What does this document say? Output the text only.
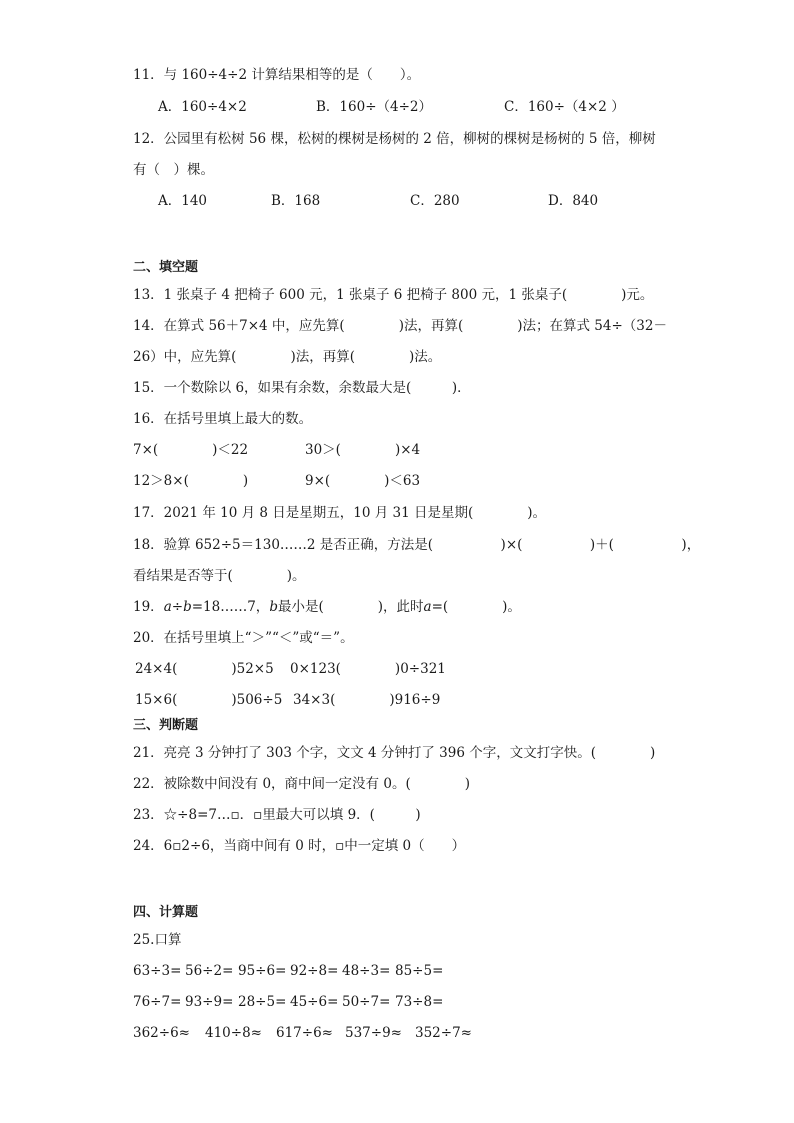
11．与 160÷4÷2 计算结果相等的是（　　）。
A．160÷4×2	B．160÷（4÷2）	C．160÷（4×2 ）
12．公园里有松树 56 棵，松树的棵树是杨树的 2 倍，柳树的棵树是杨树的 5 倍，柳树
有（　）棵。
A．140	B．168	C．280	D．840
二、填空题
13．1 张桌子 4 把椅子 600 元，1 张桌子 6 把椅子 800 元，1 张桌子(　　　　)元。
14．在算式 56＋7×4 中，应先算(　　　　)法，再算(　　　　)法；在算式 54÷（32－
26）中，应先算(　　　　)法，再算(　　　　)法。
15．一个数除以 6，如果有余数，余数最大是(　　　)．
16．在括号里填上最大的数。
7×(　　　　)＜22	30＞(　　　　)×4
12＞8×(　　　　)	9×(　　　　)＜63
17．2021 年 10 月 8 日是星期五，10 月 31 日是星期(　　　　)。
18．验算 652÷5＝130……2 是否正确，方法是(　　　　　)×(　　　　　)＋(　　　　　)，
看结果是否等于(　　　　)。
19．a÷b=18……7，b最小是(　　　　)，此时a=(　　　　)。
20．在括号里填上“＞”“＜”或“＝”。
24×4(　　　　)52×5 0×123(　　　　)0÷321
15×6(　　　　)506÷5 34×3(　　　　)916÷9
三、判断题
21．亮亮 3 分钟打了 303 个字，文文 4 分钟打了 396 个字，文文打字快。(　　　　)
22．被除数中间没有 0，商中间一定没有 0。(　　　　)
23．☆÷8=7…▫．▫里最大可以填 9．(　　　)
24．6▫2÷6，当商中间有 0 时，▫中一定填 0（　　）
四、计算题
25.口算
63÷3= 56÷2= 95÷6= 92÷8= 48÷3= 85÷5=
76÷7= 93÷9= 28÷5= 45÷6= 50÷7= 73÷8=
362÷6≈ 410÷8≈ 617÷6≈ 537÷9≈ 352÷7≈
